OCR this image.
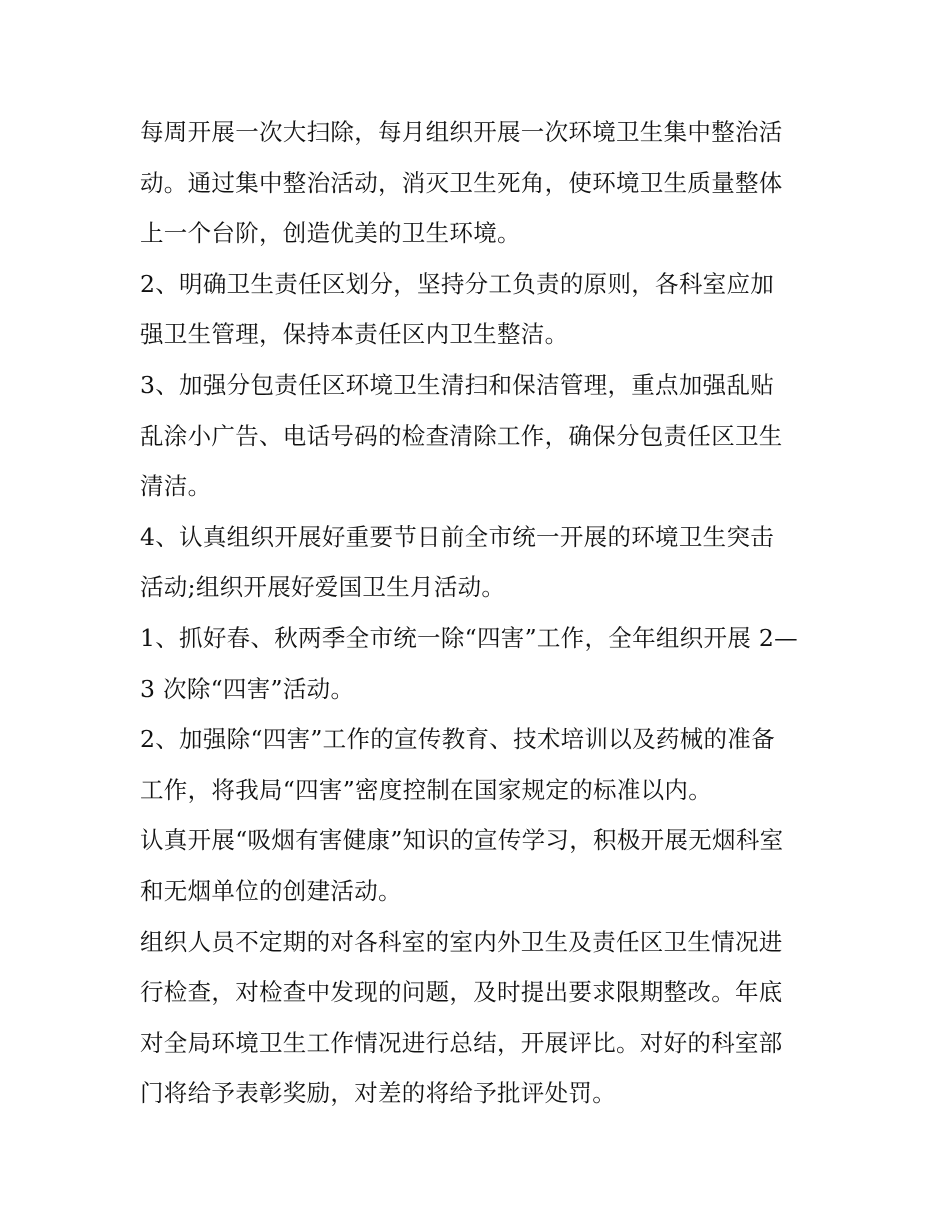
每周开展一次大扫除，每月组织开展一次环境卫生集中整治活
动。通过集中整治活动，消灭卫生死角，使环境卫生质量整体
上一个台阶，创造优美的卫生环境。

2、明确卫生责任区划分，坚持分工负责的原则，各科室应加
强卫生管理，保持本责任区内卫生整洁。

3、加强分包责任区环境卫生清扫和保洁管理，重点加强乱贴
乱涂小广告、电话号码的检查清除工作，确保分包责任区卫生
清洁。

4、认真组织开展好重要节日前全市统一开展的环境卫生突击
活动;组织开展好爱国卫生月活动。

1、抓好春、秋两季全市统一除“四害”工作，全年组织开展 2—
3 次除“四害”活动。

2、加强除“四害”工作的宣传教育、技术培训以及药械的准备
工作，将我局“四害”密度控制在国家规定的标准以内。

认真开展“吸烟有害健康”知识的宣传学习，积极开展无烟科室
和无烟单位的创建活动。

组织人员不定期的对各科室的室内外卫生及责任区卫生情况进
行检查，对检查中发现的问题，及时提出要求限期整改。年底
对全局环境卫生工作情况进行总结，开展评比。对好的科室部
门将给予表彰奖励，对差的将给予批评处罚。
